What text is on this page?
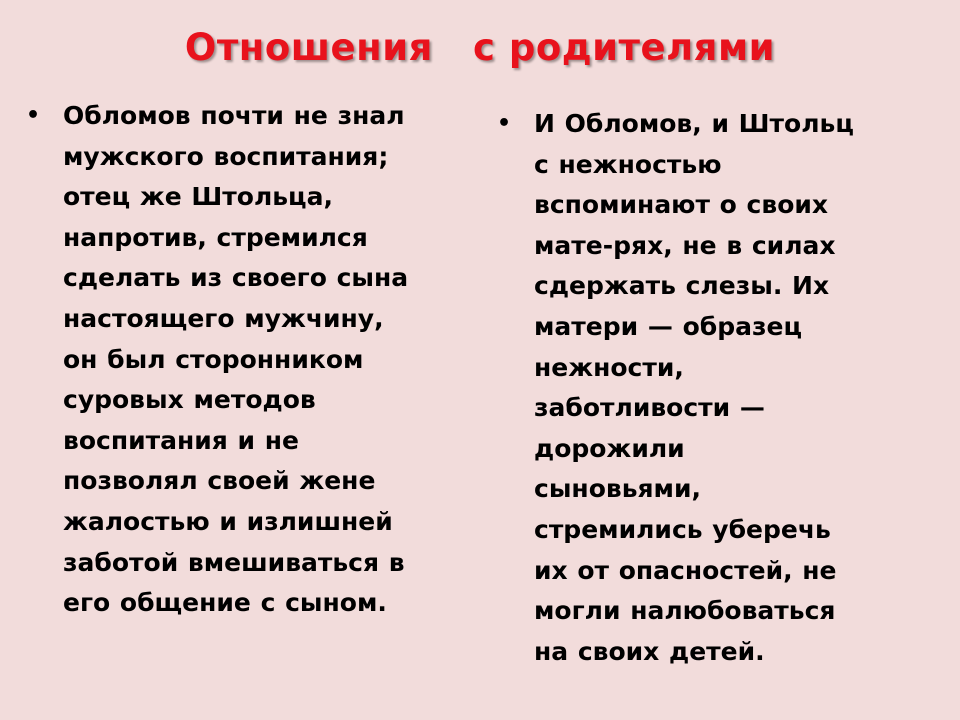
Отношения   с родителями
• Обломов почти не знал
мужского воспитания;
отец же Штольца,
напротив, стремился
сделать из своего сына
настоящего мужчину,
он был сторонником
суровых методов
воспитания и не
позволял своей жене
жалостью и излишней
заботой вмешиваться в
его общение с сыном.
• И Обломов, и Штольц
с нежностью
вспоминают о своих
мате-рях, не в силах
сдержать слезы. Их
матери — образец
нежности,
заботливости —
дорожили
сыновьями,
стремились уберечь
их от опасностей, не
могли налюбоваться
на своих детей.
